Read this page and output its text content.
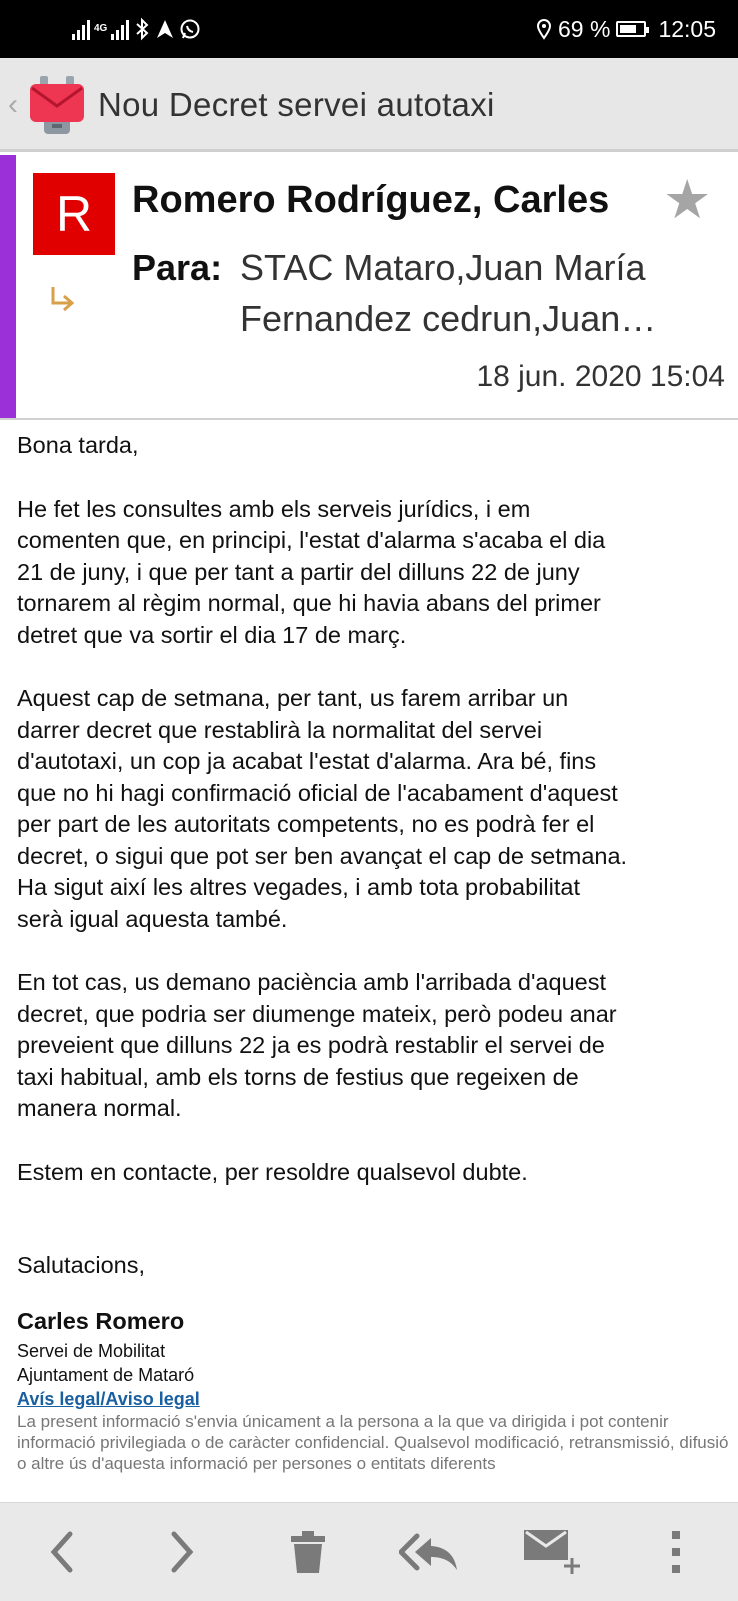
4G	69 % 12:05
‹ Nou Decret servei autotaxi
R	Romero Rodríguez, Carles ★
Para: STAC Mataro,Juan María
Fernandez cedrun,Juan…
18 jun. 2020 15:04

Bona tarda,

He fet les consultes amb els serveis jurídics, i em
comenten que, en principi, l'estat d'alarma s'acaba el dia
21 de juny, i que per tant a partir del dilluns 22 de juny
tornarem al règim normal, que hi havia abans del primer
detret que va sortir el dia 17 de març.

Aquest cap de setmana, per tant, us farem arribar un
darrer decret que restablirà la normalitat del servei
d'autotaxi, un cop ja acabat l'estat d'alarma. Ara bé, fins
que no hi hagi confirmació oficial de l'acabament d'aquest
per part de les autoritats competents, no es podrà fer el
decret, o sigui que pot ser ben avançat el cap de setmana.
Ha sigut així les altres vegades, i amb tota probabilitat
serà igual aquesta també.

En tot cas, us demano paciència amb l'arribada d'aquest
decret, que podria ser diumenge mateix, però podeu anar
preveient que dilluns 22 ja es podrà restablir el servei de
taxi habitual, amb els torns de festius que regeixen de
manera normal.

Estem en contacte, per resoldre qualsevol dubte.

Salutacions,

Carles Romero
Servei de Mobilitat
Ajuntament de Mataró
Avís legal/Aviso legal
La present informació s'envia únicament a la persona a la que va dirigida i pot contenir informació privilegiada o de caràcter confidencial. Qualsevol modificació, retransmissió, difusió o altre ús d'aquesta informació per persones o entitats diferents
